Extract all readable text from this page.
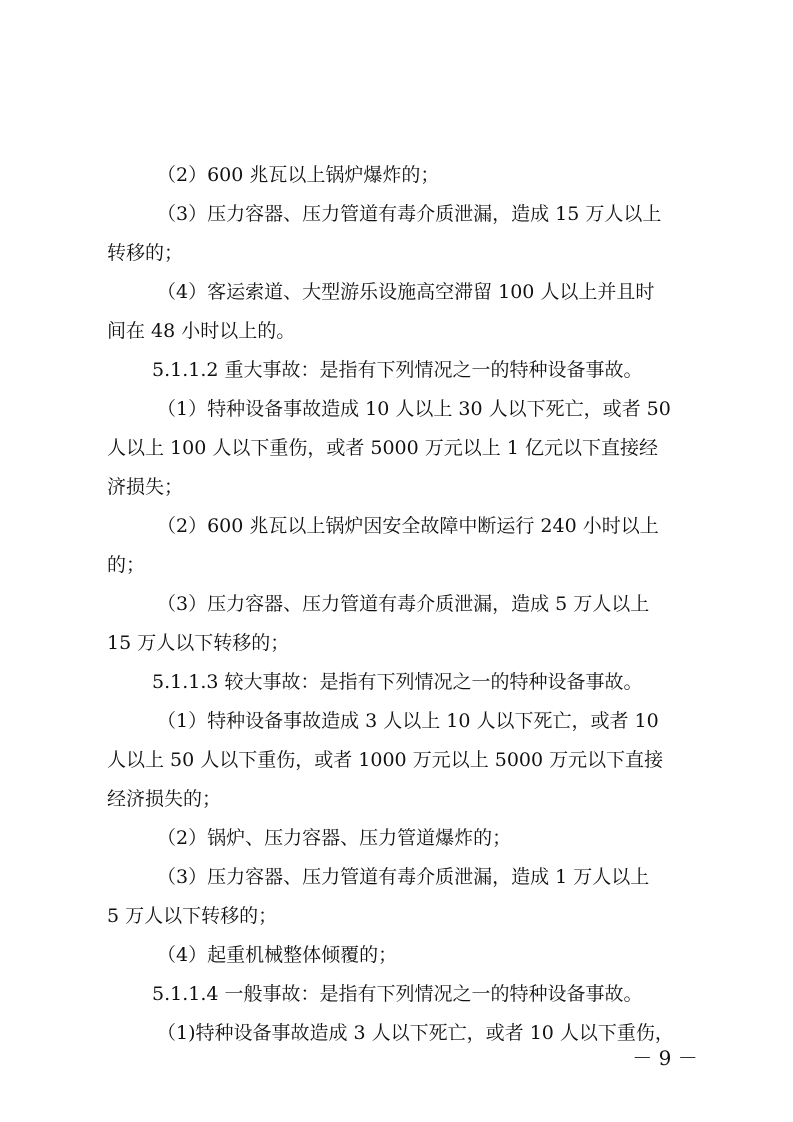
（2）600 兆瓦以上锅炉爆炸的；
（3）压力容器、压力管道有毒介质泄漏，造成 15 万人以上
转移的；
（4）客运索道、大型游乐设施高空滞留 100 人以上并且时
间在 48 小时以上的。
5.1.1.2 重大事故：是指有下列情况之一的特种设备事故。
（1）特种设备事故造成 10 人以上 30 人以下死亡，或者 50
人以上 100 人以下重伤，或者 5000 万元以上 1 亿元以下直接经
济损失；
（2）600 兆瓦以上锅炉因安全故障中断运行 240 小时以上
的；
（3）压力容器、压力管道有毒介质泄漏，造成 5 万人以上
15 万人以下转移的；
5.1.1.3 较大事故：是指有下列情况之一的特种设备事故。
（1）特种设备事故造成 3 人以上 10 人以下死亡，或者 10
人以上 50 人以下重伤，或者 1000 万元以上 5000 万元以下直接
经济损失的；
（2）锅炉、压力容器、压力管道爆炸的；
（3）压力容器、压力管道有毒介质泄漏，造成 1 万人以上
5 万人以下转移的；
（4）起重机械整体倾覆的；
5.1.1.4 一般事故：是指有下列情况之一的特种设备事故。
（1)特种设备事故造成 3 人以下死亡，或者 10 人以下重伤，
－ 9 －
